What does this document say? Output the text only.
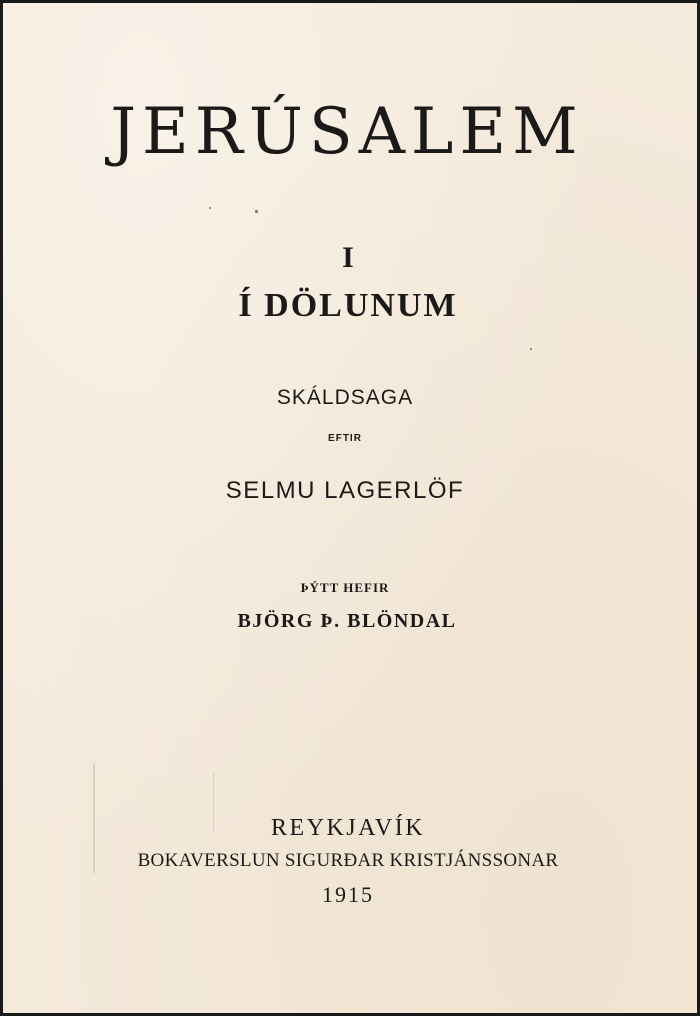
JERÚSALEM
I
Í DÖLUNUM
SKÁLDSAGA
EFTIR
SELMU LAGERLÖF
ÞÝTT HEFIR
BJÖRG Þ. BLÖNDAL
REYKJAVÍK
BOKAVERSLUN SIGURÐAR KRISTJÁNSSONAR
1915
